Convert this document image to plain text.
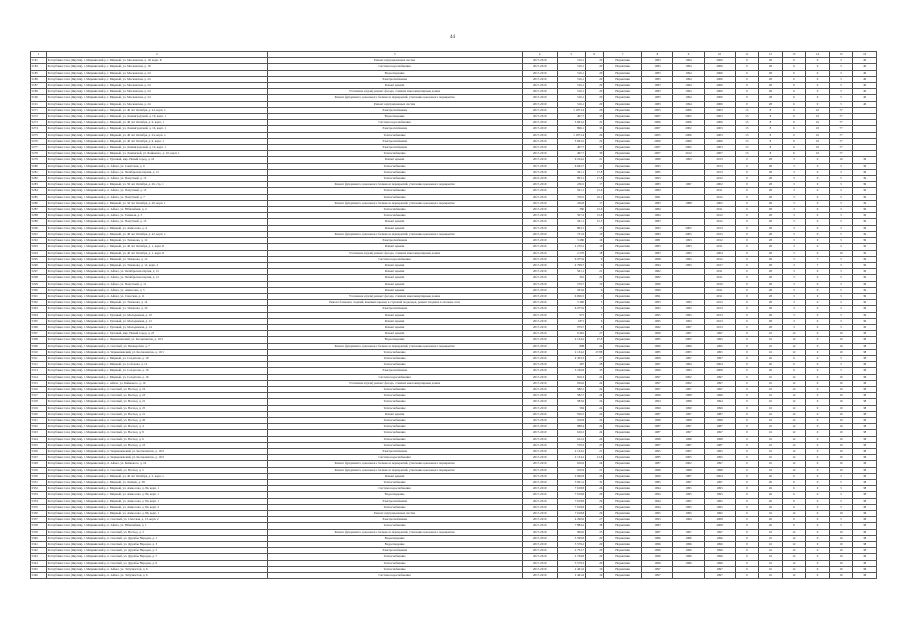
44
1	2	3	4	5	6	7	8	9	10	11	12	13	14	15	16
5181	Республика Саха (Якутия), г. Мирнинский р, г. Мирный, ул. Московская, д. 18, корп. Б	Ремонт внутридомовых систем	2017-2019	516,1	20	Нормативн	1983	1994	2006	0	28	6	0	5	40
5184	Республика Саха (Якутия), г. Мирнинский р, г. Мирный, ул. Московская, д. 18	Система водоснабжения	2017-2019	516,1	20	Нормативн	1983	1994	2006	0	28	6	0	5	40
5185	Республика Саха (Якутия), г. Мирнинский р, г. Мирный, ул. Московская, д. 24	Водоотведение	2017-2019	516,1	20	Нормативн	1983	1994	2006	0	28	6	0	5	40
5186	Республика Саха (Якутия), г. Мирнинский р, г. Мирный, ул. Московская, д. 24	Электроснабжение	2017-2019	516,1	20	Нормативн	1983	1994	2006	0	28	6	0	5	40
5187	Республика Саха (Якутия), г. Мирнинский р, г. Мирный, ул. Московская, д. 24	Ремонт крыши	2017-2019	516,1	20	Нормативн	1983	1994	2006	0	28	6	0	5	40
5189	Республика Саха (Якутия), г. Мирнинский р, г. Мирный, ул. Московская, д. 24	Утепление и (или) ремонт фасада, ставших многоквартирным домом	2017-2019	516,1	20	Нормативн	1983	1994	2006	0	28	6	0	5	40
5190	Республика Саха (Якутия), г. Мирнинский р, г. Мирный, ул. Московская, д. 24	Ремонт фундамента, цокольного балкона и перекрытий, утепление цокольного перекрытия	2017-2019	516,1	20	Нормативн	1983	1994	2006	0	28	6	0	5	40
5191	Республика Саха (Якутия), г. Мирнинский р, г. Мирный, ул. Московская, д. 24	Ремонт внутридомовых систем	2017-2019	516,1	20	Нормативн	1983	1994	2006	0	28	6	0	5	40
5271	Республика Саха (Якутия), г. Мирнинский р, г. Мирный, ул. 40 лет Октября, д. 24, корп. а	Электроснабжение	2017-2019	1 187,14	26	Нормативн	2005	2006	2003	15	8	0	10	77	
5272	Республика Саха (Якутия), г. Мирнинский р, г. Мирный, ул. Ленинградский, д. 10, корп. 1	Водоотведение	2017-2019	497,7	33	Нормативн	2007	2002	2003	15	8	6	10	77	
5273	Республика Саха (Якутия), г. Мирнинский р, г. Мирный, ул. 40 лет Октября, д. 6, корп. 1	Система водоснабжения	2017-2019	5 693,2	22	Нормативн	2006	2006	2006	15	8	6	10	77	
5274	Республика Саха (Якутия), г. Мирнинский р, г. Мирный, ул. Ленинградский, д. 16, корп. 1	Электроснабжение	2017-2019	866,1	33	Нормативн	2007	2002	2003	15	8	6	10	77	
5275	Республика Саха (Якутия), г. Мирнинский р, г. Мирный, ул. 40 лет Октября, д. 24, корп. а	Теплоснабжение	2017-2019	1 187,14	26	Нормативн	2005	2006	2003	15	8	0	10	77	
5276	Республика Саха (Якутия), г. Мирнинский р, г. Мирный, ул. 40 лет Октября, д. 6, корп. 1	Электроснабжение	2017-2019	5 693,2	22	Нормативн	2006	2006	2006	15	8	6	10	77	
5277	Республика Саха (Якутия), г. Мирнинский р, г. Мирный, ул. Ленинградский, д. 10, корп. 1	Электроснабжение	2017-2019	497,7	33	Нормативн	2007	2002	2003	15	8	6	10	77	
5278	Республика Саха (Якутия), г. Мирнинский р, г. Мирный, ул. Ленинской, ул. Бойкового, д. 10, корп. 1	Теплоснабжение	2017-2019	497,7	30	Нормативн	2007	2012	2007	15	8	6	10	77	
5279	Республика Саха (Якутия), г. Мирнинский р, г. Удачный, мкр. Новый город, д. 16	Ремонт крыши	2017-2019	9 104,2	21	Нормативн	1989	1993	2013	0	28	3	0	10	39
5280	Республика Саха (Якутия), г. Мирнинский р, п. Айхал, ул. Советская, д. 9	Теплоснабжение	2017-2019	6 662,7	11	Нормативн	1993		2013	0	28	3	0	5	39
5281	Республика Саха (Якутия), г. Мирнинский р, п. Айхал, ул. Октябрьская партия, д. 12	Теплоснабжение	2017-2019	561,1	17,8	Нормативн	1985		2013	0	28	3	0	5	39
5282	Республика Саха (Якутия), г. Мирнинский р, п. Айхал, ул. Попутный, д. 15	Теплоснабжение	2015-2018	893,1	17,8	Нормативн	1993		2012	0	28	3	0	5	39
5283	Республика Саха (Якутия), г. Мирнинский р, г. Мирный, ул. 50 лет Октября, д. 26, стр. 1	Ремонт фундамента, цокольного балкона и перекрытий, утепление цокольного перекрытия	2017-2019	236,5	17	Нормативн	1983	1997	2002	0	28	3	0	5	39
5284	Республика Саха (Якутия), г. Мирнинский р, п. Айхал, ул. Попутный, д. 15	Теплоснабжение	2017-2019	561,1	15,6	Нормативн	1984		2011	0	28	3	0	5	39
5285	Республика Саха (Якутия), г. Мирнинский р, п. Айхал, ул. Попутный, д. 7	Теплоснабжение	2017-2019	376,5	16,2	Нормативн	1991		2012	0	28	3	0	5	39
5286	Республика Саха (Якутия), г. Мирнинский р, г. Мирный, ул. 50 лет Октября, д. 26, корп. 1	Ремонт фундамента, цокольного балкона и перекрытий, утепление цокольного перекрытия	2017-2019	236,8	17	Нормативн	1983	1988	2002	0	28	3	0	5	39
5287	Республика Саха (Якутия), г. Мирнинский р, п. Айхал, ул. Юбилейная, д. 4	Теплоснабжение	2017-2019	360	15,6	Нормативн	1984		2011	0	28	3	0	5	39
5288	Республика Саха (Якутия), г. Мирнинский р, п. Айхал, ул. Таёжная, д. 5	Теплоснабжение	2017-2019	507,2	15,8	Нормативн	1984		2012	0	28	3	0	5	39
5289	Республика Саха (Якутия), г. Мирнинский р, п. Айхал, ул. Попутный, д. 15	Ремонт крыши	2017-2019	561,1	15,5	Нормативн	1983		2012	0	28	3	0	5	39
5290	Республика Саха (Якутия), г. Мирнинский р, г. Мирный, ул. Аммосова, д. 4	Ремонт крыши	2017-2019	893,1	15	Нормативн	1993	2005	2013	0	28	3	0	5	39
5291	Республика Саха (Якутия), г. Мирнинский р, г. Мирный, ул. 40 лет Октября, д. 42, корп. а	Ремонт фундамента, цокольного балкона и перекрытий, утепление цокольного перекрытия	2017-2019	731,9	16	Нормативн	1983	2005	2013	0	28	3	0	5	39
5292	Республика Саха (Якутия), г. Мирнинский р, г. Мирный, ул. Тихонова, д. 12	Электроснабжение	2017-2019	3 486	16	Нормативн	1981	1993	2012	0	28	3	0	5	39
5293	Республика Саха (Якутия), г. Мирнинский р, г. Мирный, ул. 40 лет Октября, д. 1, корп. Б	Ремонт крыши	2017-2019	2 270,2	10	Нормативн	1983	1993	2011	0	28	3	0	5	39
5294	Республика Саха (Якутия), г. Мирнинский р, г. Мирный, ул. 40 лет Октября, д. 1, корп. Б	Утепление и (или) ремонт фасада, ставших многоквартирным домом	2017-2019	2 270	18	Нормативн	1983	1993	2004	0	28	3	0	10	39
5295	Республика Саха (Якутия), г. Мирнинский р, г. Мирный, ул. Тихонова, д. 12	Система водоснабжения	2017-2019	6 975,9	9	Нормативн	1998	1993	2012	0	28	3	7	5	39
5296	Республика Саха (Якутия), г. Мирнинский р, г. Мирный, ул. Тихонова, д. 12, корп. 2	Ремонт крыши	2017-2019	4 798,7	9	Нормативн	1994	1993	2017	0	28	3	7	5	39
5297	Республика Саха (Якутия), г. Мирнинский р, п. Айхал, ул. Октябрьская партия, д. 12	Ремонт крыши	2017-2019	561,1	21	Нормативн	1982		2011	0	28	3	0	5	39
5298	Республика Саха (Якутия), г. Мирнинский р, п. Айхал, ул. Октябрьская партия, д. 12	Ремонт крыши	2017-2019	561	22	Нормативн	1982		2011	0	28	3	0	5	39
5299	Республика Саха (Якутия), г. Мирнинский р, п. Айхал, ул. Попутный, д. 11	Ремонт крыши	2017-2019	579,7	19	Нормативн	1990		2010	0	28	3	0	5	39
5300	Республика Саха (Якутия), г. Мирнинский р, п. Айхал, ул. Аммосова, д. 5	Ремонт крыши	2017-2019	563,6	6	Нормативн	1990		2011	0	28	3	0	5	39
5301	Республика Саха (Якутия), г. Мирнинский р, п. Айхал, ул. Спасская, д. 11	Утепление и (или) ремонт фасада, ставших многоквартирным домом	2017-2019	6 096,5	3	Нормативн	1991		2011	0	28	3	0	5	39
5302	Республика Саха (Якутия), г. Мирнинский р, г. Мирный, ул. Тихонова, д. 14	Ремонт балконов, лоджий, внешних крылец и ступеней подъездов, ремонт входных в силовые сети	2017-2019	5 360	5	Нормативн	1993	1993	2013	0	28	3	0	5	39
5303	Республика Саха (Якутия), г. Мирнинский р, г. Мирный, ул. Тихонова, д. 10	Электроснабжение	2017-2019	6 975,9	3	Нормативн	1993	1993	2013	0	28	3	0	5	39
5304	Республика Саха (Якутия), г. Мирнинский р, г. Удачный, ул. Молодежная, д. 10	Ремонт крыши	2017-2019	975	7	Нормативн	1995	1993	2013	0	28	3	0	5	39
5305	Республика Саха (Якутия), г. Мирнинский р, г. Удачный, ул. Молодежная, д. 12	Ремонт крыши	2017-2019	1871	6	Нормативн	1995	1993	2013	0	28	3	0	5	39
5306	Республика Саха (Якутия), г. Мирнинский р, г. Удачный, ул. Молодежная, д. 14	Ремонт крыши	2017-2019	979,7	8	Нормативн	1992	1997	2013	0	28	3	0	5	39
5307	Республика Саха (Якутия), г. Мирнинский р, г. Удачный, мкр. Новый город, д. 23	Ремонт крыши	2017-2019	9 481	27	Нормативн	1999	1997	1997	0	16	12	0	10	38
5308	Республика Саха (Якутия), г. Мирнинский р, г. Чернышевский, ул. Космонавтов, д. 10/1	Водоотведение	2017-2019	2 134,2	27,8	Нормативн	1985	2005	1995	0	16	12	0	10	38
5309	Республика Саха (Якутия), г. Мирнинский р, п. Светлый, ул. Пионерская, д. 7	Ремонт фундамента, цокольного балкона и перекрытий, утепление цокольного перекрытия	2017-2019	808	24	Нормативн	1990	1999	1995	0	16	12	0	10	38
5310	Республика Саха (Якутия), г. Мирнинский р, п. Чернышевский, ул. Космонавтов, д. 10/1	Теплоснабжение	2017-2019	2 134,2	27,88	Нормативн	1985	2005	1995	0	16	12	0	10	38
5311	Республика Саха (Якутия), г. Мирнинский р, г. Мирный, ул. Солдатова, д. 18	Теплоснабжение	2017-2019	4 363,3	27	Нормативн	1969	1997	1997	0	26	6	0	5	38
5312	Республика Саха (Якутия), г. Мирнинский р, г. Мирный, ул. Соболева, д. 12	Теплоснабжение	2017-2019	487	28	Нормативн	1967	1994	2004	0	26	6	0	5	38
5313	Республика Саха (Якутия), г. Мирнинский р, г. Мирный, ул. Солдатова, д. 16	Электроснабжение	2017-2019	3 160,8	35	Нормативн	1969	1993	2008	0	26	6	0	5	38
5314	Республика Саха (Якутия), г. Мирнинский р, г. Мирный, ул. Солдатова, д. 16	Система водоснабжения	2017-2019	816,3	24	Нормативн	1997	2002	1997	0	16	12	0	10	38
5315	Республика Саха (Якутия), г. Мирнинский р, г. Айхал, ул. Бойкового, д. 16	Утепление и (или) ремонт фасада, ставших многоквартирным домом	2017-2019	816,6	24	Нормативн	1997	2002	1997	0	16	12	0	10	38
5316	Республика Саха (Якутия), г. Мирнинский р, п. Светлый, ул. Восход, д. 19	Теплоснабжение	2017-2019	586,1	24	Нормативн	1997	1997	1997	0	16	12	0	10	38
5317	Республика Саха (Якутия), г. Мирнинский р, п. Светлый, ул. Восход, д. 23	Теплоснабжение	2017-2019	582,7	24	Нормативн	1996	1998	1996	0	16	12	0	10	38
5318	Республика Саха (Якутия), г. Мирнинский р, п. Светлый, ул. Восход, д. 21	Теплоснабжение	2017-2019	583,6	24	Нормативн	1994	1998	1994	0	16	12	0	10	38
5319	Республика Саха (Якутия), г. Мирнинский р, п. Светлый, ул. Восход, д. 25	Теплоснабжение	2017-2019	584	24	Нормативн	1999	1999	1999	0	16	12	0	10	38
5320	Республика Саха (Якутия), г. Мирнинский р, п. Светлый, ул. Восход, д. 21	Ремонт крыши	2017-2019	816,5	24	Нормативн	1987	1997	1987	0	16	12	0	10	38
5321	Республика Саха (Якутия), г. Мирнинский р, п. Светлый, ул. Восход, д. 20	Теплоснабжение	2017-2019	916,8	24	Нормативн	1998	1998	1998	0	16	12	0	10	38
5322	Республика Саха (Якутия), г. Мирнинский р, п. Светлый, ул. Восход, д. 4	Теплоснабжение	2017-2019	988,4	24	Нормативн	1987	1997	1987	0	16	12	0	10	38
5323	Республика Саха (Якутия), г. Мирнинский р, п. Светлый, ул. Восход, д. 8	Теплоснабжение	2017-2019	616,5	24	Нормативн	1987	1997	1997	0	16	12	0	10	38
5324	Республика Саха (Якутия), г. Мирнинский р, п. Светлый, ул. Восход, д. 6	Теплоснабжение	2017-2019	612,2	24	Нормативн	1998	1998	1998	0	16	12	0	10	38
5325	Республика Саха (Якутия), г. Мирнинский р, п. Светлый, ул. Восход, д. 10	Теплоснабжение	2017-2019	579,3	23	Нормативн	1987	1987	1987	0	16	12	0	10	38
5326	Республика Саха (Якутия), г. Мирнинский р, п. Чернышевский, ул. Космонавтов, д. 10/2	Электроснабжение	2017-2019	2 134,2	21	Нормативн	1995	2005	1995	0	16	12	0	10	38
5327	Республика Саха (Якутия), г. Мирнинский р, п. Чернышевский, ул. Космонавтов, д. 10/2	Система водоснабжения	2017-2019	2 134,2	21,8	Нормативн	1985	2005	1995	0	16	12	0	10	38
5328	Республика Саха (Якутия), г. Мирнинский р, п. Айхал, ул. Бойкового, д. 16	Ремонт фундамента, цокольного балкона и перекрытий, утепление цокольного перекрытия	2017-2019	816,6	24	Нормативн	1987	2002	1997	0	16	12	0	10	38
5329	Республика Саха (Якутия), г. Мирнинский р, п. Светлый, ул. Восход, д. 5	Ремонт фундамента, цокольного балкона и перекрытий, утепление цокольного перекрытия	2017-2019	910,9	21	Нормативн	1998	1998	1998	0	16	12	0	10	38
5330	Республика Саха (Якутия), г. Мирнинский р, г. Мирный, ул. 40 лет Октября, д. 5, корп. а	Ремонт крыши	2017-2019	2 666,8	26	Нормативн	1969	1987	2004	0	26	6	0	5	38
5331	Республика Саха (Якутия), г. Мирнинский р, г. Мирный, ул. Ленина, д. 28	Теплоснабжение	2017-2019	3 001,2	32	Нормативн	1985	1997	1997	0	26	6	0	5	38
5332	Республика Саха (Якутия), г. Мирнинский р, г. Мирный, ул. Аммосова, д. 84, корп. 1	Система водоснабжения	2017-2019	7 618,8	26	Нормативн	1994	1995	1995	0	26	6	0	5	38
5333	Республика Саха (Якутия), г. Мирнинский р, г. Мирный, ул. Аммосова, д. 84, корп. 1	Водоотведение	2017-2019	7 618,8	26	Нормативн	1994	1995	1995	0	26	6	0	5	38
5334	Республика Саха (Якутия), г. Мирнинский р, г. Мирный, ул. Аммосова, д. 84, корп. 1	Электроснабжение	2017-2019	7 618,8	26	Нормативн	1994	1995	1995	0	26	6	0	5	38
5335	Республика Саха (Якутия), г. Мирнинский р, г. Мирный, ул. Аммосова, д. 84, корп. 2	Теплоснабжение	2017-2019	7 618,8	26	Нормативн	1994	1995	1995	0	26	6	0	5	38
5336	Республика Саха (Якутия), г. Мирнинский р, г. Мирный, ул. Аммосова, д. 86, корп. 1	Ремонт внутридомовых систем	2017-2019	7 618,8	26	Нормативн	1995	1995	1995	0	16	12	0	10	38
5337	Республика Саха (Якутия), г. Мирнинский р, п. Светлый, ул. Спасская, д. 13, корп. 2	Электроснабжение	2017-2019	4 290,6	27	Нормативн	1993	1994	2008	0	26	6	0	5	38
5338	Республика Саха (Якутия), г. Мирнинский р, п. Айхал, ул. Юбилейная, д. 1	Теплоснабжение	2017-2019	7 884,2	38	Нормативн	1983		2008	0	26	6	0	5	38
5339	Республика Саха (Якутия), г. Мирнинский р, п. Светлый, ул. Восход, д. 3	Ремонт фундамента, цокольного балкона и перекрытий, утепление цокольного перекрытия	2017-2019	909,6	25	Нормативн	1987	1997	1997	0	16	12	0	10	38
5340	Республика Саха (Якутия), г. Мирнинский р, п. Светлый, ул. Дружбы Народов, д. 1	Водоотведение	2017-2019	3 599,8	20	Нормативн	1986	1986	1996	0	16	12	0	10	38
5341	Республика Саха (Якутия), г. Мирнинский р, п. Светлый, ул. Дружбы Народов, д. 3	Водоотведение	2017-2019	3 579,2	20	Нормативн	1996	1996	1996	0	16	12	0	10	38
5342	Республика Саха (Якутия), г. Мирнинский р, п. Светлый, ул. Дружбы Народов, д. 5	Электроснабжение	2017-2019	2 752,7	20	Нормативн	1996	1996	1996	0	16	12	0	10	38
5343	Республика Саха (Якутия), г. Мирнинский р, п. Светлый, ул. Дружбы Народов, д. 7	Теплоснабжение	2017-2019	2 749,8	20	Нормативн	1996	1996	1996	0	16	12	0	10	38
5344	Республика Саха (Якутия), г. Мирнинский р, п. Светлый, ул. Дружбы Народов, д. 9	Теплоснабжение	2017-2019	3 579,3	20	Нормативн	1996	1996	1996	0	16	12	0	10	38
5345	Республика Саха (Якутия), г. Мирнинский р, п. Айхал, ул. Энтузиастов, д. 6	Теплоснабжение	2017-2019	2 461,6	19	Нормативн	1997		1997	0	16	12	0	10	38
5346	Республика Саха (Якутия), г. Мирнинский р, п. Айхал, ул. Энтузиастов, д. 6	Система водоснабжения	2017-2019	2 461,6	19	Нормативн	1997		1997	0	16	12	0	10	38
